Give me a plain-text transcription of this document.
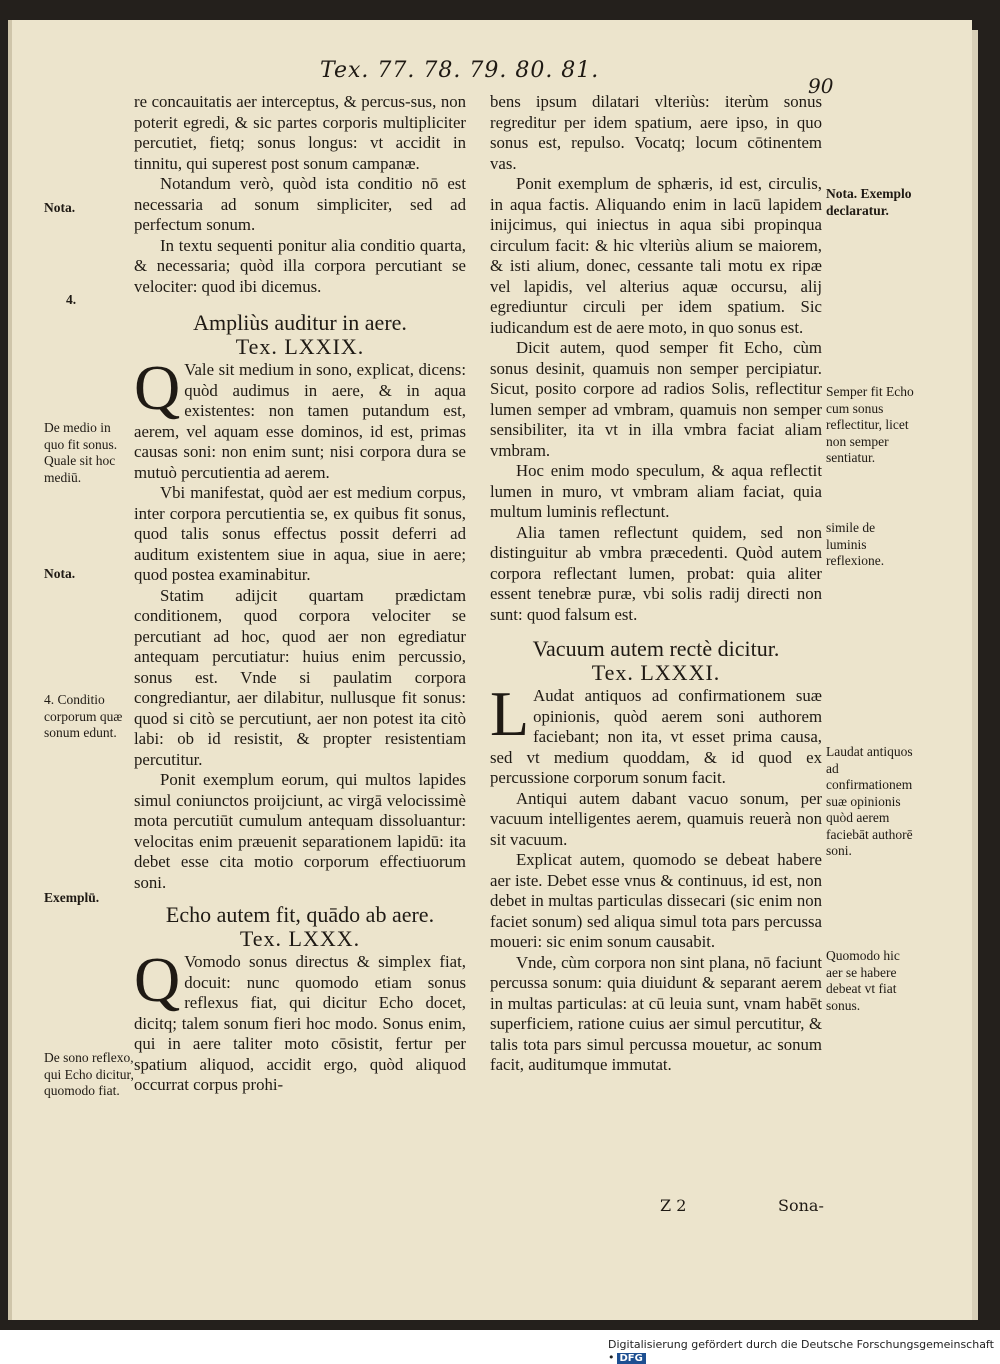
Tex. 77. 78. 79. 80. 81.
90
Nota.
4.
De medio in quo fit sonus. Quale sit hoc mediū.
Nota.
4. Conditio corporum quæ sonum edunt.
Exemplū.
De sono reflexo, qui Echo dicitur, quomodo fiat.

re concauitatis aer interceptus, & percus-sus, non poterit egredi, & sic partes corporis multipliciter percutiet, fietq; sonus longus: vt accidit in tinnitu, qui superest post sonum campanæ.

Notandum verò, quòd ista conditio nō est necessaria ad sonum simpliciter, sed ad perfectum sonum.

In textu sequenti ponitur alia conditio quarta, & necessaria; quòd illa corpora percutiant se velociter: quod ibi dicemus.

Ampliùs auditur in aere.
Tex. LXXIX.

Q Vale sit medium in sono, explicat, dicens: quòd audimus in aere, & in aqua existentes: non tamen putandum est, aerem, vel aquam esse dominos, id est, primas causas soni: non enim sunt; nisi corpora dura se mutuò percutientia ad aerem.

Vbi manifestat, quòd aer est medium corpus, inter corpora percutientia se, ex quibus fit sonus, quod talis sonus effectus possit deferri ad auditum existentem siue in aqua, siue in aere; quod postea examinabitur.

Statim adijcit quartam prædictam conditionem, quod corpora velociter se percutiant ad hoc, quod aer non egrediatur antequam percutiatur: huius enim percussio, sonus est. Vnde si paulatim corpora congrediantur, aer dilabitur, nullusque fit sonus: quod si citò se percutiunt, aer non potest ita citò labi: ob id resistit, & propter resistentiam percutitur.

Ponit exemplum eorum, qui multos lapides simul coniunctos proijciunt, ac virgā velocissimè mota percutiūt cumulum antequam dissoluantur: velocitas enim præuenit separationem lapidū: ita debet esse cita motio corporum effectiuorum soni.

Echo autem fit, quādo ab aere.
Tex. LXXX.

Q Vomodo sonus directus & simplex fiat, docuit: nunc quomodo etiam sonus reflexus fiat, qui dicitur Echo docet, dicitq; talem sonum fieri hoc modo. Sonus enim, qui in aere taliter moto cōsistit, fertur per spatium aliquod, accidit ergo, quòd aliquod occurrat corpus prohi-

bens ipsum dilatari vlteriùs: iterùm sonus regreditur per idem spatium, aere ipso, in quo sonus est, repulso. Vocatq; locum cōtinentem vas.

Ponit exemplum de sphæris, id est, circulis, in aqua factis. Aliquando enim in lacū lapidem inijcimus, qui iniectus in aqua sibi propinqua circulum facit: & hic vlteriùs alium se maiorem, & isti alium, donec, cessante tali motu ex ripæ vel lapidis, vel alterius aquæ occursu, alij egrediuntur circuli per idem spatium. Sic iudicandum est de aere moto, in quo sonus est.

Dicit autem, quod semper fit Echo, cùm sonus desinit, quamuis non semper percipiatur. Sicut, posito corpore ad radios Solis, reflectitur lumen semper ad vmbram, quamuis non semper sensibiliter, ita vt in illa vmbra faciat aliam vmbram.

Hoc enim modo speculum, & aqua reflectit lumen in muro, vt vmbram aliam faciat, quia multum luminis reflectunt.

Alia tamen reflectunt quidem, sed non distinguitur ab vmbra præcedenti. Quòd autem corpora reflectant lumen, probat: quia aliter essent tenebræ puræ, vbi solis radij directi non sunt: quod falsum est.

Vacuum autem rectè dicitur.
Tex. LXXXI.

L Audat antiquos ad confirmationem suæ opinionis, quòd aerem soni authorem faciebant; non ita, vt esset prima causa, sed vt medium quoddam, & id quod ex percussione corporum sonum facit.

Antiqui autem dabant vacuo sonum, per vacuum intelligentes aerem, quamuis reuerà non sit vacuum.

Explicat autem, quomodo se debeat habere aer iste. Debet esse vnus & continuus, id est, non debet in multas particulas dissecari (sic enim non faciet sonum) sed aliqua simul tota pars percussa moueri: sic enim sonum causabit.

Vnde, cùm corpora non sint plana, nō faciunt percussa sonum: quia diuidunt & separant aerem in multas particulas: at cū leuia sunt, vnam habēt superficiem, ratione cuius aer simul percutitur, & talis tota pars simul percussa mouetur, ac sonum facit, auditumque immutat.

Nota. Exemplo declaratur.
Semper fit Echo cum sonus reflectitur, licet non semper sentiatur.
simile de luminis reflexione.
Laudat antiquos ad confirmationem suæ opinionis quòd aerem faciebāt authorē soni.
Quomodo hic aer se habere debeat vt fiat sonus.
Z 2	Sona-
Digitalisierung gefördert durch die Deutsche Forschungsgemeinschaft • DFG
